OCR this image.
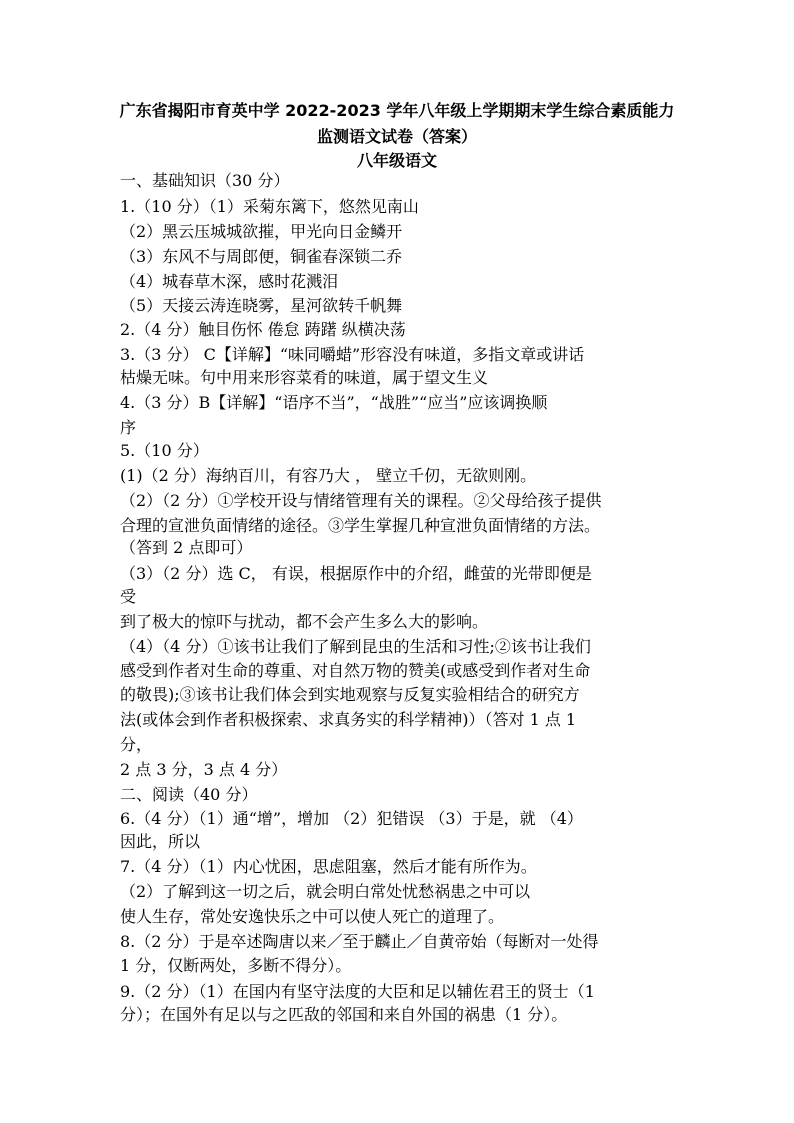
广东省揭阳市育英中学 2022-2023 学年八年级上学期期末学生综合素质能力
监测语文试卷（答案）
八年级语文
一、基础知识（30 分）
1.（10 分）（1）采菊东篱下，悠然见南山
（2）黑云压城城欲摧，甲光向日金鳞开
（3）东风不与周郎便，铜雀春深锁二乔
（4）城春草木深，感时花溅泪
（5）天接云涛连晓雾，星河欲转千帆舞
2.（4 分）触目伤怀 倦怠 踌躇 纵横决荡
3.（3 分） C【详解】“味同嚼蜡”形容没有味道，多指文章或讲话
枯燥无味。句中用来形容菜肴的味道，属于望文生义
4.（3 分）B【详解】“语序不当”，“战胜”“应当”应该调换顺
序
5.（10 分）
(1)（2 分）海纳百川，有容乃大 ， 壁立千仞，无欲则刚。
（2）（2 分）①学校开设与情绪管理有关的课程。②父母给孩子提供
合理的宣泄负面情绪的途径。③学生掌握几种宣泄负面情绪的方法。
（答到 2 点即可）
（3）（2 分）选 C， 有误，根据原作中的介绍，雌萤的光带即便是
受
到了极大的惊吓与扰动，都不会产生多么大的影响。
（4）（4 分）①该书让我们了解到昆虫的生活和习性;②该书让我们
感受到作者对生命的尊重、对自然万物的赞美(或感受到作者对生命
的敬畏);③该书让我们体会到实地观察与反复实验相结合的研究方
法(或体会到作者积极探索、求真务实的科学精神)）（答对 1 点 1
分，
2 点 3 分，3 点 4 分）
二、阅读（40 分）
6.（4 分）（1）通“增”，增加 （2）犯错误 （3）于是，就 （4）
因此，所以
7.（4 分）（1）内心忧困，思虑阻塞，然后才能有所作为。
（2）了解到这一切之后，就会明白常处忧愁祸患之中可以
使人生存，常处安逸快乐之中可以使人死亡的道理了。
8.（2 分）于是卒述陶唐以来／至于麟止／自黄帝始（每断对一处得
1 分，仅断两处，多断不得分）。
9.（2 分）（1）在国内有坚守法度的大臣和足以辅佐君王的贤士（1
分）；在国外有足以与之匹敌的邻国和来自外国的祸患（1 分）。
